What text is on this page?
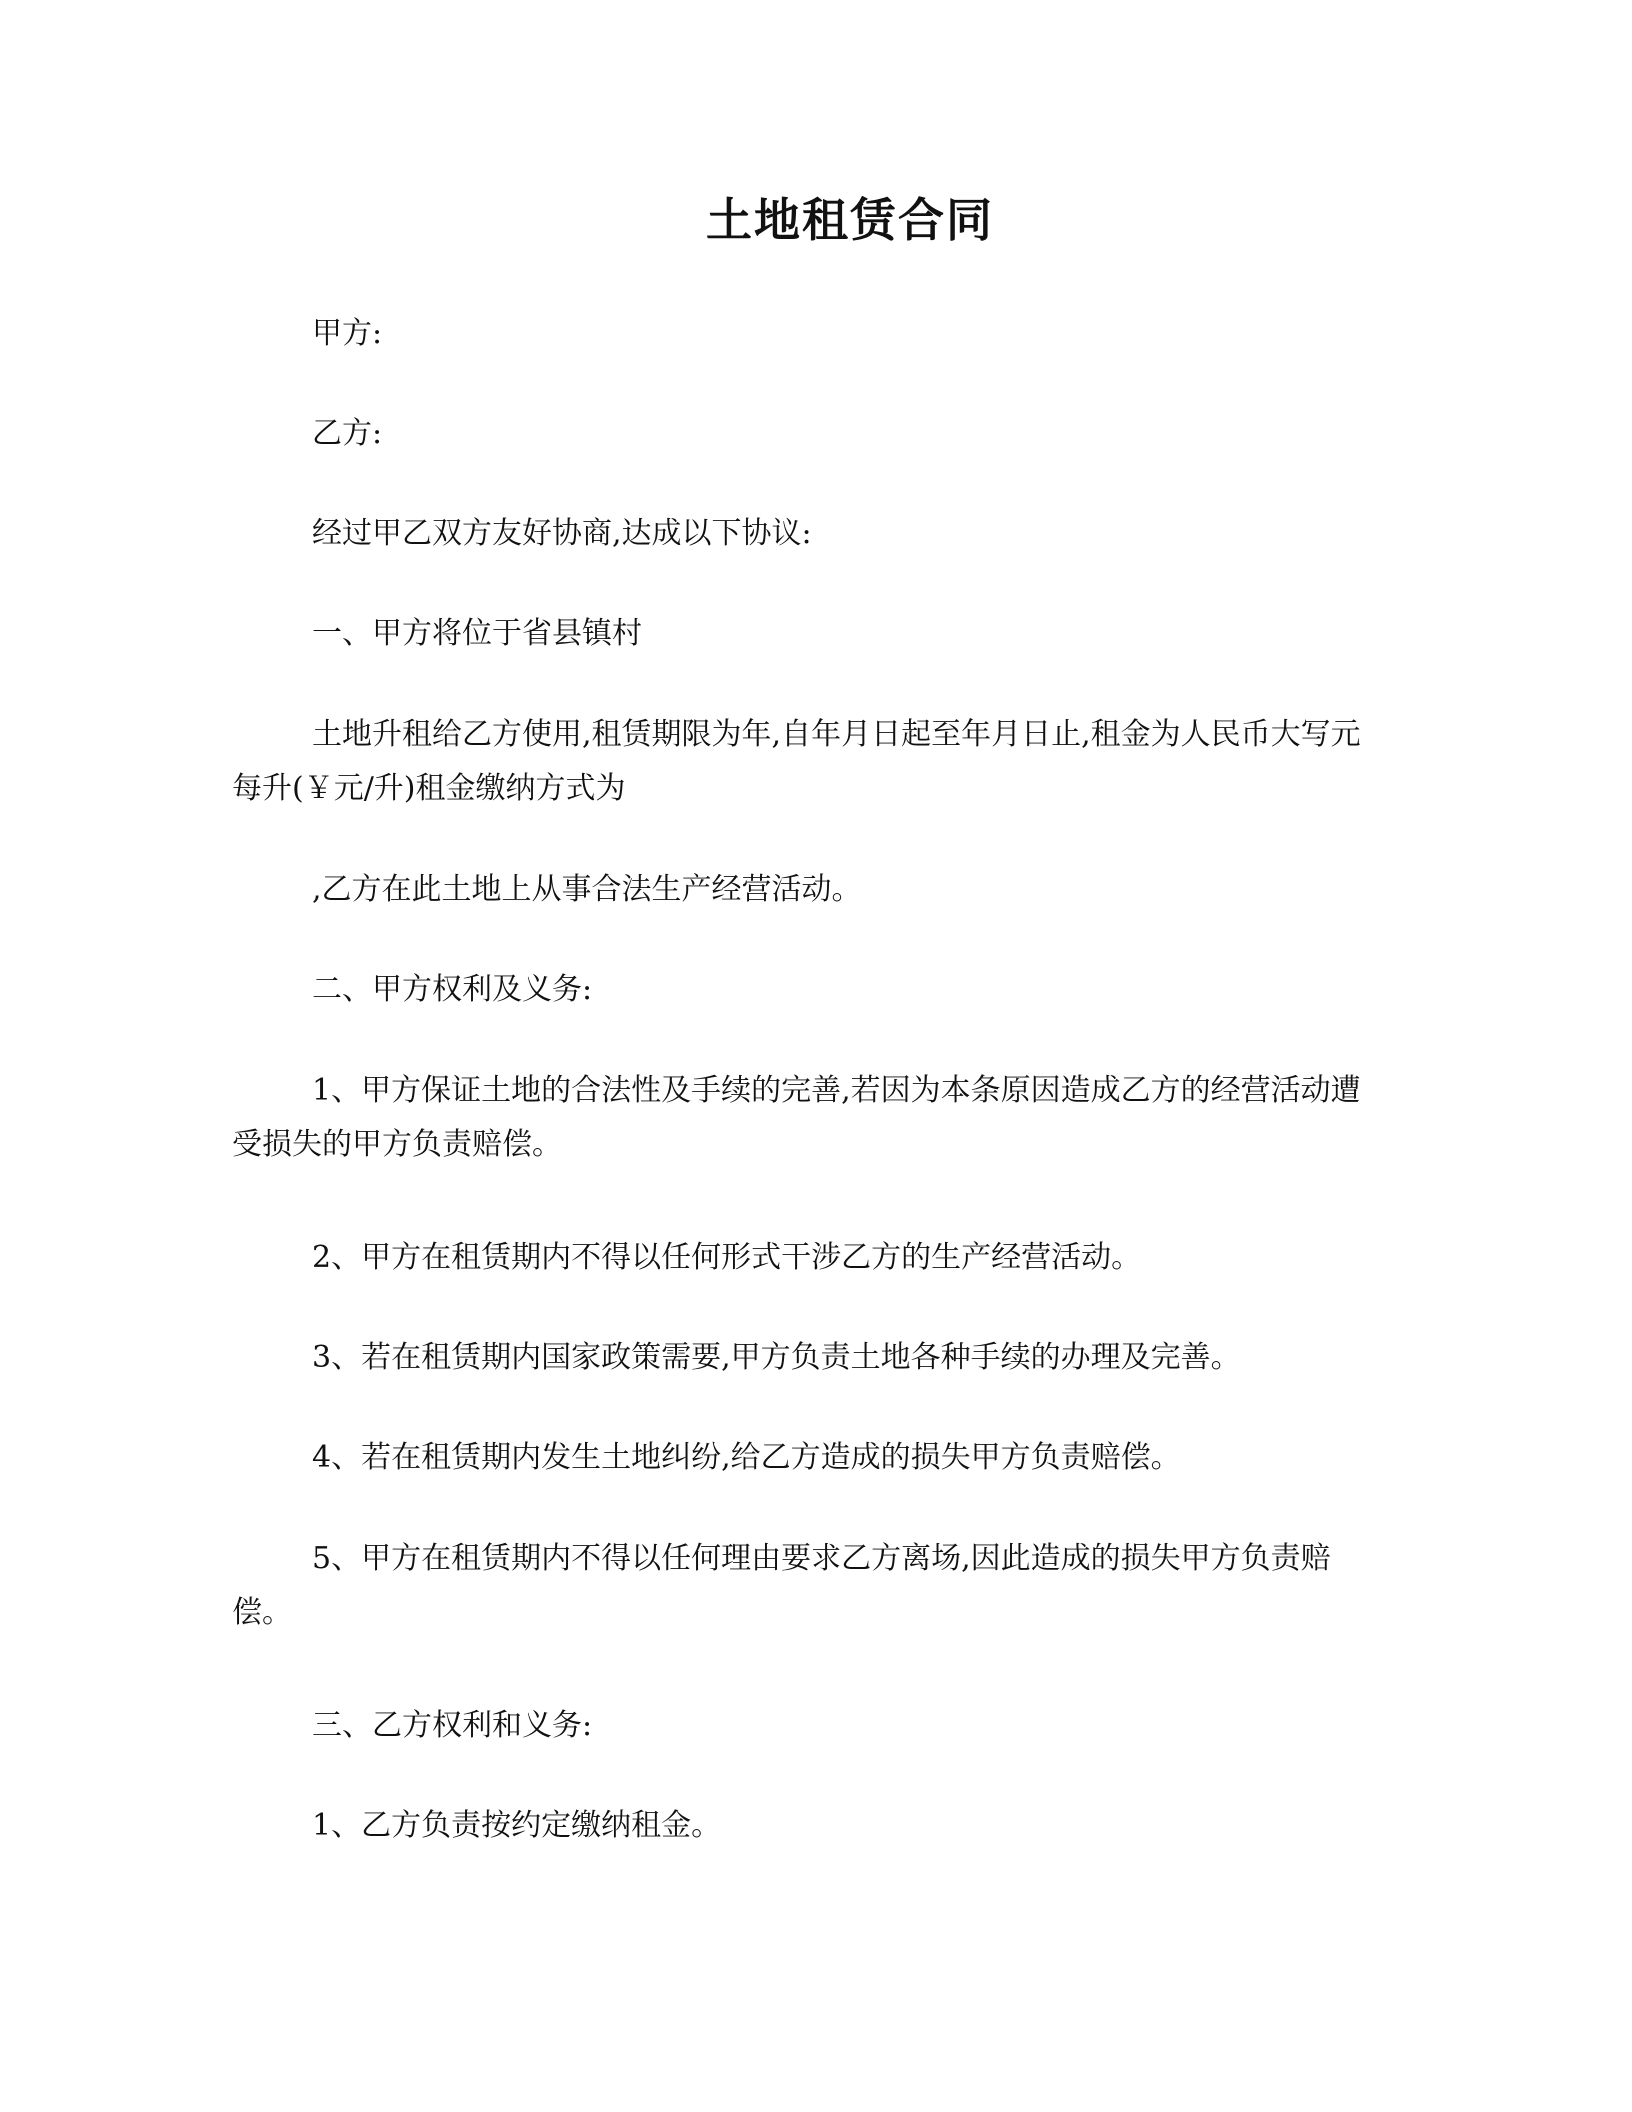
土地租赁合同
甲方:
乙方:
经过甲乙双方友好协商,达成以下协议:
一、甲方将位于省县镇村
土地升租给乙方使用,租赁期限为年,自年月日起至年月日止,租金为人民币大写元每升(￥元/升)租金缴纳方式为
,乙方在此土地上从事合法生产经营活动。
二、甲方权利及义务:
1、甲方保证土地的合法性及手续的完善,若因为本条原因造成乙方的经营活动遭受损失的甲方负责赔偿。
2、甲方在租赁期内不得以任何形式干涉乙方的生产经营活动。
3、若在租赁期内国家政策需要,甲方负责土地各种手续的办理及完善。
4、若在租赁期内发生土地纠纷,给乙方造成的损失甲方负责赔偿。
5、甲方在租赁期内不得以任何理由要求乙方离场,因此造成的损失甲方负责赔偿。
三、乙方权利和义务:
1、乙方负责按约定缴纳租金。
